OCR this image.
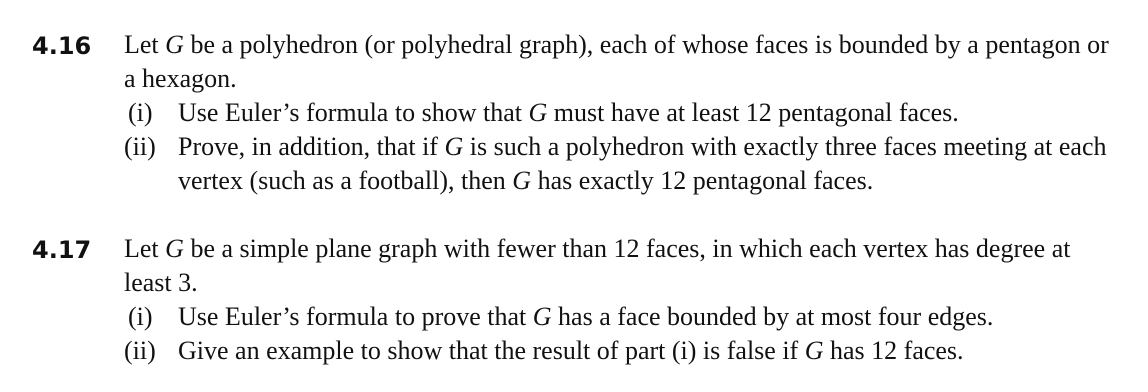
4.16 Let G be a polyhedron (or polyhedral graph), each of whose faces is bounded by a pentagon or a hexagon.
(i) Use Euler’s formula to show that G must have at least 12 pentagonal faces.
(ii) Prove, in addition, that if G is such a polyhedron with exactly three faces meeting at each vertex (such as a football), then G has exactly 12 pentagonal faces.
4.17 Let G be a simple plane graph with fewer than 12 faces, in which each vertex has degree at least 3.
(i) Use Euler’s formula to prove that G has a face bounded by at most four edges.
(ii) Give an example to show that the result of part (i) is false if G has 12 faces.
